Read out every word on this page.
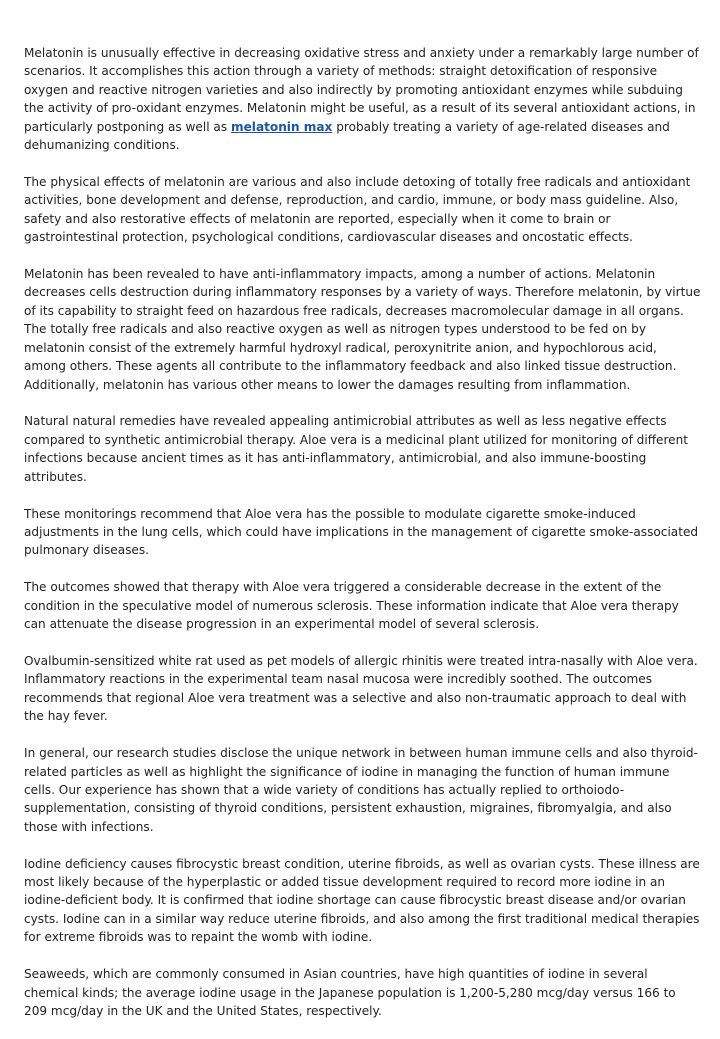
Melatonin is unusually effective in decreasing oxidative stress and anxiety under a remarkably large number of scenarios. It accomplishes this action through a variety of methods: straight detoxification of responsive oxygen and reactive nitrogen varieties and also indirectly by promoting antioxidant enzymes while subduing the activity of pro-oxidant enzymes. Melatonin might be useful, as a result of its several antioxidant actions, in particularly postponing as well as melatonin max probably treating a variety of age-related diseases and dehumanizing conditions.

The physical effects of melatonin are various and also include detoxing of totally free radicals and antioxidant activities, bone development and defense, reproduction, and cardio, immune, or body mass guideline. Also, safety and also restorative effects of melatonin are reported, especially when it come to brain or gastrointestinal protection, psychological conditions, cardiovascular diseases and oncostatic effects.

Melatonin has been revealed to have anti-inflammatory impacts, among a number of actions. Melatonin decreases cells destruction during inflammatory responses by a variety of ways. Therefore melatonin, by virtue of its capability to straight feed on hazardous free radicals, decreases macromolecular damage in all organs. The totally free radicals and also reactive oxygen as well as nitrogen types understood to be fed on by melatonin consist of the extremely harmful hydroxyl radical, peroxynitrite anion, and hypochlorous acid, among others. These agents all contribute to the inflammatory feedback and also linked tissue destruction. Additionally, melatonin has various other means to lower the damages resulting from inflammation.

Natural natural remedies have revealed appealing antimicrobial attributes as well as less negative effects compared to synthetic antimicrobial therapy. Aloe vera is a medicinal plant utilized for monitoring of different infections because ancient times as it has anti-inflammatory, antimicrobial, and also immune-boosting attributes.

These monitorings recommend that Aloe vera has the possible to modulate cigarette smoke-induced adjustments in the lung cells, which could have implications in the management of cigarette smoke-associated pulmonary diseases.

The outcomes showed that therapy with Aloe vera triggered a considerable decrease in the extent of the condition in the speculative model of numerous sclerosis. These information indicate that Aloe vera therapy can attenuate the disease progression in an experimental model of several sclerosis.

Ovalbumin-sensitized white rat used as pet models of allergic rhinitis were treated intra-nasally with Aloe vera. Inflammatory reactions in the experimental team nasal mucosa were incredibly soothed. The outcomes recommends that regional Aloe vera treatment was a selective and also non-traumatic approach to deal with the hay fever.

In general, our research studies disclose the unique network in between human immune cells and also thyroid-related particles as well as highlight the significance of iodine in managing the function of human immune cells. Our experience has shown that a wide variety of conditions has actually replied to orthoiodo-supplementation, consisting of thyroid conditions, persistent exhaustion, migraines, fibromyalgia, and also those with infections.

Iodine deficiency causes fibrocystic breast condition, uterine fibroids, as well as ovarian cysts. These illness are most likely because of the hyperplastic or added tissue development required to record more iodine in an iodine-deficient body. It is confirmed that iodine shortage can cause fibrocystic breast disease and/or ovarian cysts. Iodine can in a similar way reduce uterine fibroids, and also among the first traditional medical therapies for extreme fibroids was to repaint the womb with iodine.

Seaweeds, which are commonly consumed in Asian countries, have high quantities of iodine in several chemical kinds; the average iodine usage in the Japanese population is 1,200-5,280 mcg/day versus 166 to 209 mcg/day in the UK and the United States, respectively.
